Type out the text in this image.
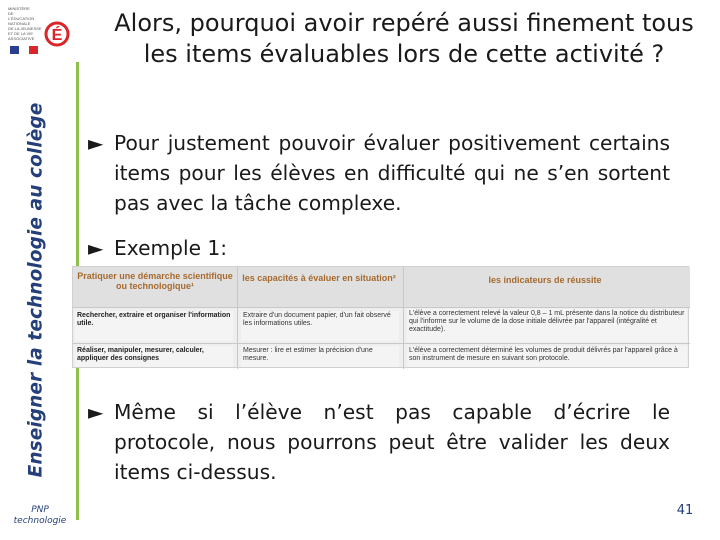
MINISTÈRE
DE
L'ÉDUCATION
NATIONALE
DE LA JEUNESSE
ET DE LA VIE
ASSOCIATIVE	É
Enseigner la technologie au collège
PNP
technologie
Alors, pourquoi avoir repéré aussi finement tous les items évaluables lors de cette activité ?
► Pour justement pouvoir évaluer positivement certains items pour les élèves en difficulté qui ne s’en sortent pas avec la tâche complexe.
► Exemple 1:
Pratiquer une démarche scientifique ou technologique¹
les capacités à évaluer en situation²	les indicateurs de réussite
Rechercher, extraire et organiser l'information utile.
Extraire d'un document papier, d'un fait observé les informations utiles.
L'élève a correctement relevé la valeur 0,8 – 1 mL présente dans la notice du distributeur qui l'informe sur le volume de la dose initiale délivrée par l'appareil (intégralité et exactitude).
Réaliser, manipuler, mesurer, calculer, appliquer des consignes
Mesurer : lire et estimer la précision d'une mesure.
L'élève a correctement déterminé les volumes de produit délivrés par l'appareil grâce à son instrument de mesure en suivant son protocole.
► Même si l’élève n’est pas capable d’écrire le protocole, nous pourrons peut être valider les deux items ci-dessus.
41
